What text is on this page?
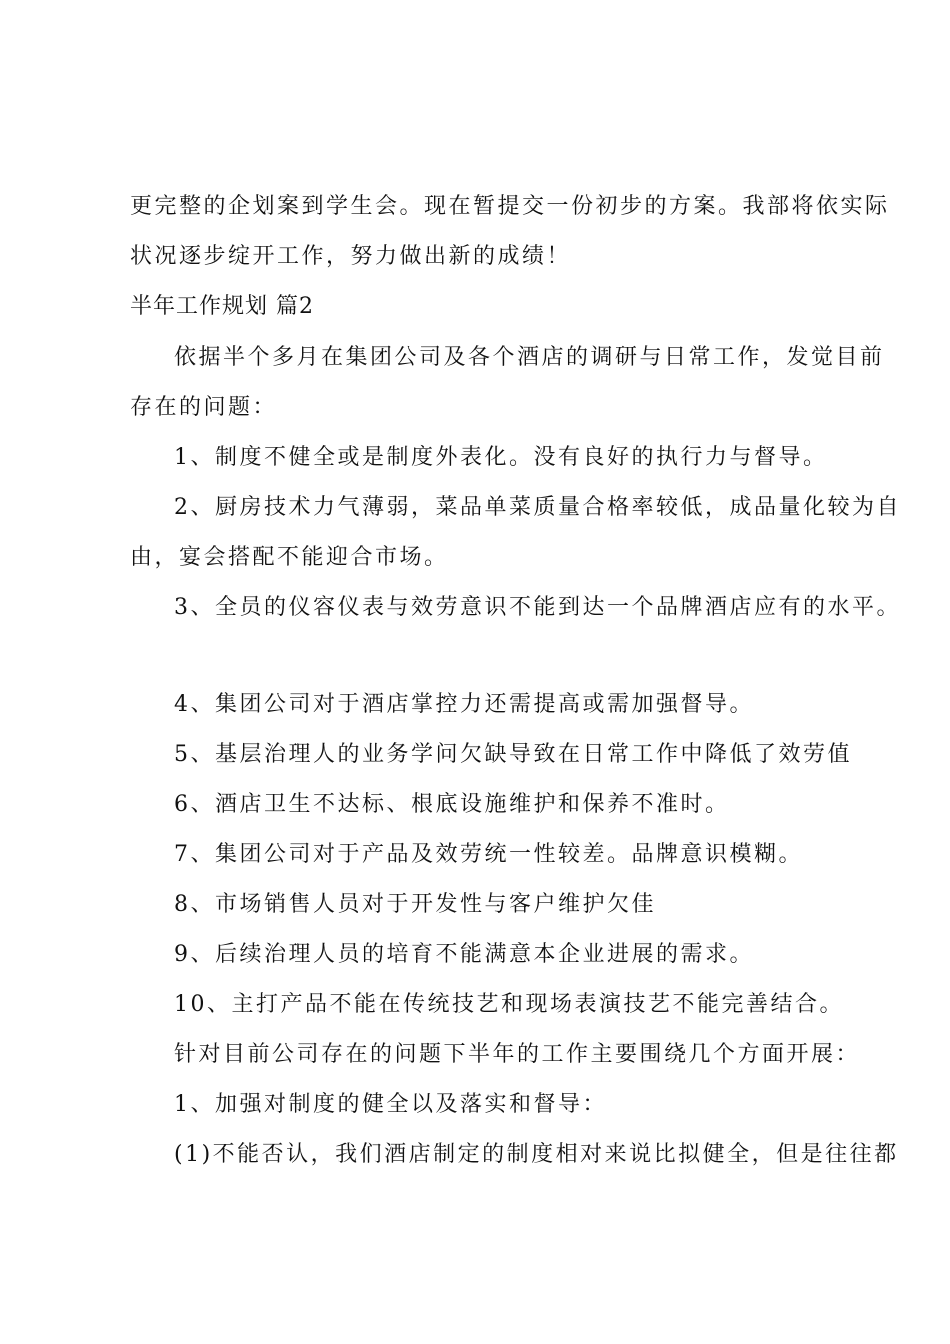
更完整的企划案到学生会。现在暂提交一份初步的方案。我部将依实际
状况逐步绽开工作，努力做出新的成绩！
半年工作规划 篇2
依据半个多月在集团公司及各个酒店的调研与日常工作，发觉目前
存在的问题：
1、制度不健全或是制度外表化。没有良好的执行力与督导。
2、厨房技术力气薄弱，菜品单菜质量合格率较低，成品量化较为自
由，宴会搭配不能迎合市场。
3、全员的仪容仪表与效劳意识不能到达一个品牌酒店应有的水平。
4、集团公司对于酒店掌控力还需提高或需加强督导。
5、基层治理人的业务学问欠缺导致在日常工作中降低了效劳值
6、酒店卫生不达标、根底设施维护和保养不准时。
7、集团公司对于产品及效劳统一性较差。品牌意识模糊。
8、市场销售人员对于开发性与客户维护欠佳
9、后续治理人员的培育不能满意本企业进展的需求。
10、主打产品不能在传统技艺和现场表演技艺不能完善结合。
针对目前公司存在的问题下半年的工作主要围绕几个方面开展：
1、加强对制度的健全以及落实和督导：
(1)不能否认，我们酒店制定的制度相对来说比拟健全，但是往往都
